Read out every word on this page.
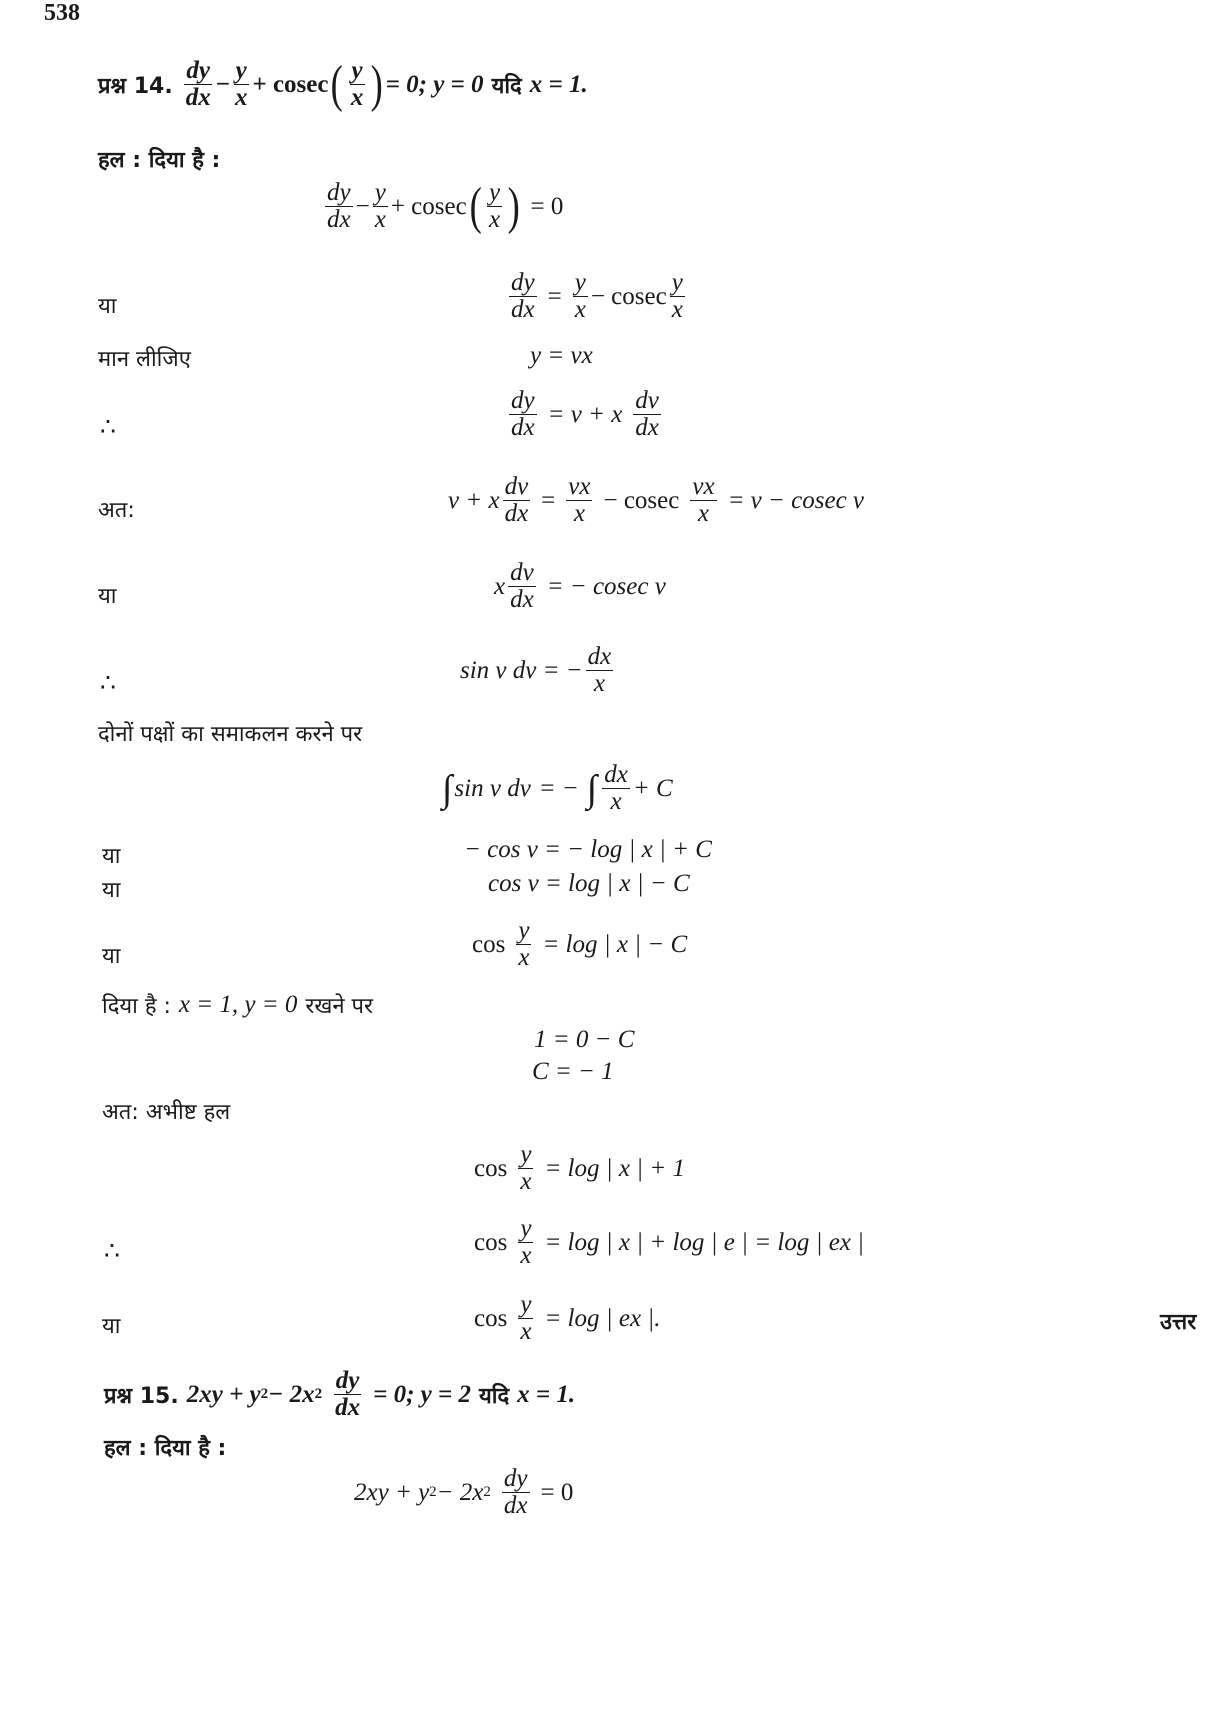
538
प्रश्न 14. $\frac{dy}{dx} - \frac{y}{x} + cosec$ ( $\frac{y}{x}$ ) = 0; y = 0 यदि x = 1.
हल : दिया है :
$\frac{dy}{dx} - \frac{y}{x} + cosec$ ( $\frac{y}{x}$ ) = 0
या	$\frac{dy}{dx} = \frac{y}{x} - cosec \frac{y}{x}$
मान लीजिए	y = vx
∴	$\frac{dy}{dx} = v + x \frac{dv}{dx}$
अत:	v + x $\frac{dv}{dx} = \frac{vx}{x} - cosec \frac{vx}{x} = v - cosec$ v
या	x $\frac{dv}{dx}$ = − cosec v
∴	sin v dv = − $\frac{dx}{x}$
दोनों पक्षों का समाकलन करने पर
∫ sin v dv = − ∫ $\frac{dx}{x} + C$
या	− cos v = − log | x | + C
या	cos v = log | x | − C
या	$\cos \frac{y}{x} = \log$ | x | − C
दिया है : x = 1, y = 0 रखने पर
1 = 0 − C
C = − 1
अत: अभीष्ट हल
$\cos \frac{y}{x} = \log$ | x | + 1
∴	$\cos \frac{y}{x} = \log$ | x | + log | e | = log | ex |
या	$\cos \frac{y}{x} = \log$ | ex |.	उत्तर
प्रश्न 15. 2xy + y 2 − 2x $2 \frac{dy}{dx} = 0$; y = 2 यदि x = 1.
हल : दिया है :
2xy + y 2 − 2x $2 \frac{dy}{dx} = 0$
